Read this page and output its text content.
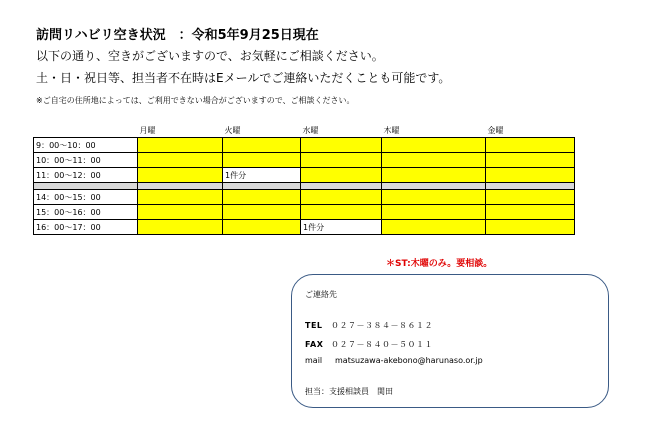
訪問リハビリ空き状況　：令和5年9月25日現在

以下の通り、空きがございますので、お気軽にご相談ください。

土・日・祝日等、担当者不在時はEメールでご連絡いただくことも可能です。

※ご自宅の住所地によっては、ご利用できない場合がございますので、ご相談ください。

	月曜	火曜	水曜	木曜	金曜
9：00～10：00					
10：00～11：00					
11：00～12：00		1件分			

14：00～15：00					
15：00～16：00					
16：00～17：00			1件分		

＊ST:木曜のみ。要相談。

ご連絡先

TEL ０２７－３８４－８６１２

FAX ０２７－８４０－５０１１

mail matsuzawa-akebono@harunaso.or.jp

担当：支援相談員　関田
